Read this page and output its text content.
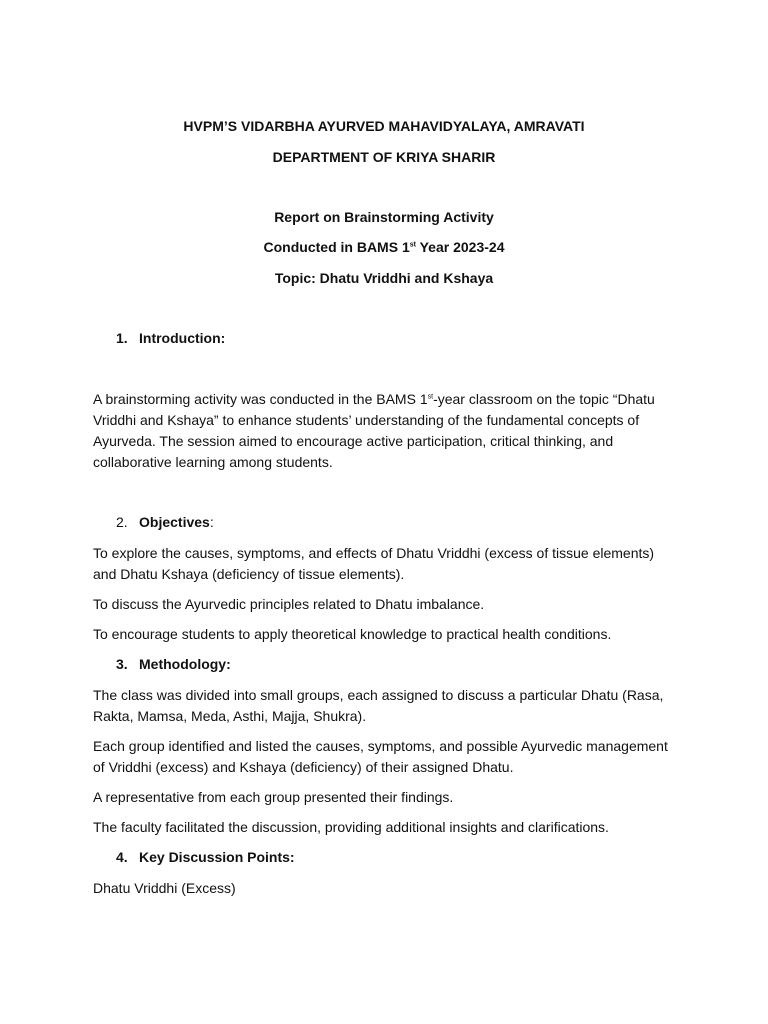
HVPM’S VIDARBHA AYURVED MAHAVIDYALAYA, AMRAVATI
DEPARTMENT OF KRIYA SHARIR
Report on Brainstorming Activity
Conducted in BAMS 1st Year 2023-24
Topic: Dhatu Vriddhi and Kshaya
1. Introduction:
A brainstorming activity was conducted in the BAMS 1st-year classroom on the topic “Dhatu Vriddhi and Kshaya” to enhance students’ understanding of the fundamental concepts of Ayurveda. The session aimed to encourage active participation, critical thinking, and collaborative learning among students.
2. Objectives:
To explore the causes, symptoms, and effects of Dhatu Vriddhi (excess of tissue elements) and Dhatu Kshaya (deficiency of tissue elements).
To discuss the Ayurvedic principles related to Dhatu imbalance.
To encourage students to apply theoretical knowledge to practical health conditions.
3. Methodology:
The class was divided into small groups, each assigned to discuss a particular Dhatu (Rasa, Rakta, Mamsa, Meda, Asthi, Majja, Shukra).
Each group identified and listed the causes, symptoms, and possible Ayurvedic management of Vriddhi (excess) and Kshaya (deficiency) of their assigned Dhatu.
A representative from each group presented their findings.
The faculty facilitated the discussion, providing additional insights and clarifications.
4. Key Discussion Points:
Dhatu Vriddhi (Excess)
